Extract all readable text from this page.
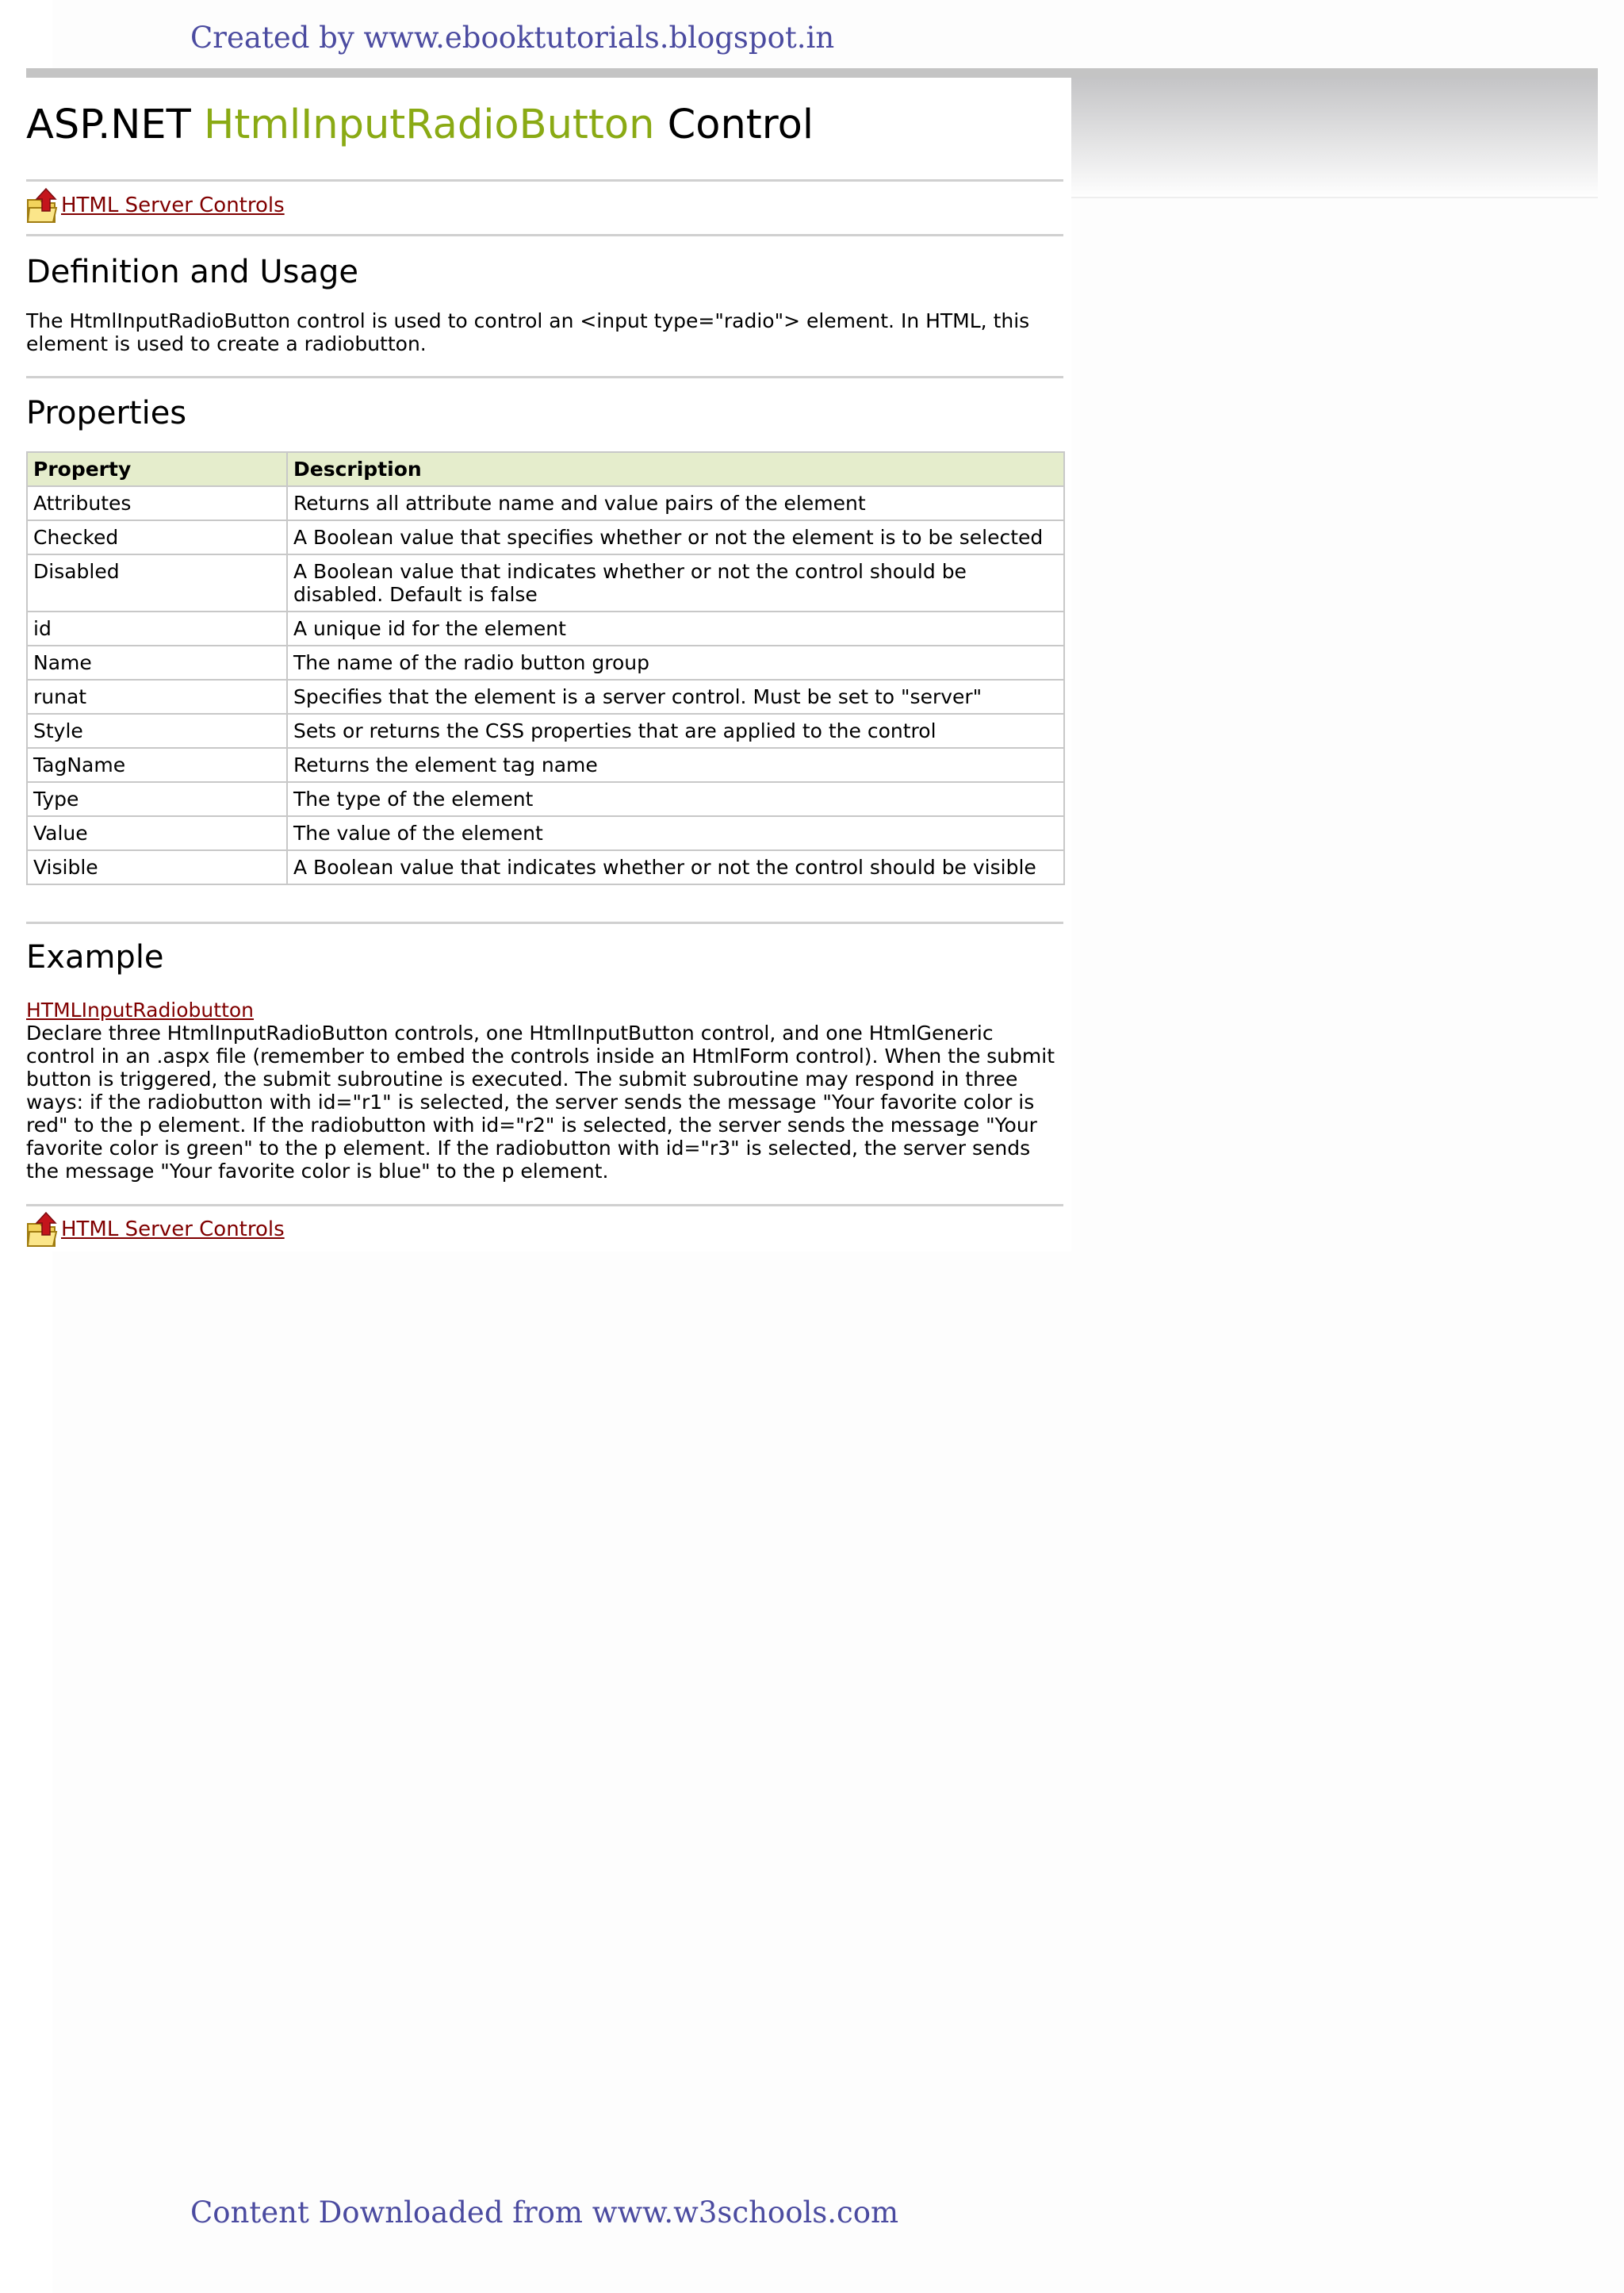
Created by www.ebooktutorials.blogspot.in
ASP.NET HtmlInputRadioButton Control
HTML Server Controls
Definition and Usage

The HtmlInputRadioButton control is used to control an <input type="radio"> element. In HTML, this element is used to create a radiobutton.

Properties
Property	Description
Attributes	Returns all attribute name and value pairs of the element
Checked	A Boolean value that specifies whether or not the element is to be selected
Disabled	A Boolean value that indicates whether or not the control should be disabled. Default is false
id	A unique id for the element
Name	The name of the radio button group
runat	Specifies that the element is a server control. Must be set to "server"
Style	Sets or returns the CSS properties that are applied to the control
TagName	Returns the element tag name
Type	The type of the element
Value	The value of the element
Visible	A Boolean value that indicates whether or not the control should be visible
Example
HTMLInputRadiobutton

Declare three HtmlInputRadioButton controls, one HtmlInputButton control, and one HtmlGeneric control in an .aspx file (remember to embed the controls inside an HtmlForm control). When the submit button is triggered, the submit subroutine is executed. The submit subroutine may respond in three ways: if the radiobutton with id="r1" is selected, the server sends the message "Your favorite color is red" to the p element. If the radiobutton with id="r2" is selected, the server sends the message "Your favorite color is green" to the p element. If the radiobutton with id="r3" is selected, the server sends the message "Your favorite color is blue" to the p element.

HTML Server Controls
Content Downloaded from www.w3schools.com
